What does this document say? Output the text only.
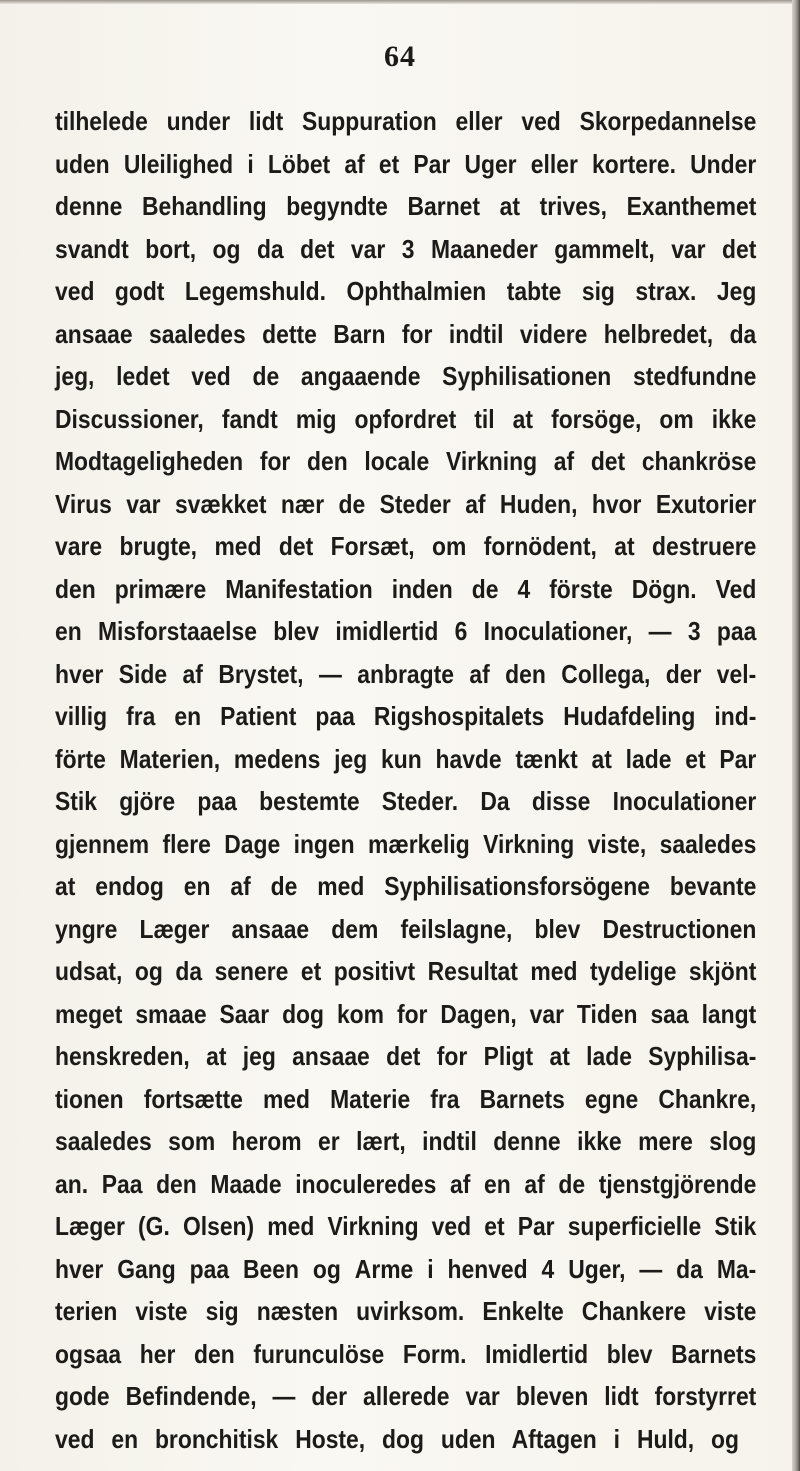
64
tilhelede under lidt Suppuration eller ved Skorpedannelse
uden Uleilighed i Löbet af et Par Uger eller kortere. Under
denne Behandling begyndte Barnet at trives, Exanthemet
svandt bort, og da det var 3 Maaneder gammelt, var det
ved godt Legemshuld. Ophthalmien tabte sig strax. Jeg
ansaae saaledes dette Barn for indtil videre helbredet, da
jeg, ledet ved de angaaende Syphilisationen stedfundne
Discussioner, fandt mig opfordret til at forsöge, om ikke
Modtageligheden for den locale Virkning af det chankröse
Virus var svækket nær de Steder af Huden, hvor Exutorier
vare brugte, med det Forsæt, om fornödent, at destruere
den primære Manifestation inden de 4 förste Dögn. Ved
en Misforstaaelse blev imidlertid 6 Inoculationer, — 3 paa
hver Side af Brystet, — anbragte af den Collega, der vel-
villig fra en Patient paa Rigshospitalets Hudafdeling ind-
förte Materien, medens jeg kun havde tænkt at lade et Par
Stik gjöre paa bestemte Steder. Da disse Inoculationer
gjennem flere Dage ingen mærkelig Virkning viste, saaledes
at endog en af de med Syphilisationsforsögene bevante
yngre Læger ansaae dem feilslagne, blev Destructionen
udsat, og da senere et positivt Resultat med tydelige skjönt
meget smaae Saar dog kom for Dagen, var Tiden saa langt
henskreden, at jeg ansaae det for Pligt at lade Syphilisa-
tionen fortsætte med Materie fra Barnets egne Chankre,
saaledes som herom er lært, indtil denne ikke mere slog
an. Paa den Maade inoculeredes af en af de tjenstgjörende
Læger (G. Olsen) med Virkning ved et Par superficielle Stik
hver Gang paa Been og Arme i henved 4 Uger, — da Ma-
terien viste sig næsten uvirksom. Enkelte Chankere viste
ogsaa her den furunculöse Form. Imidlertid blev Barnets
gode Befindende, — der allerede var bleven lidt forstyrret
ved en bronchitisk Hoste, dog uden Aftagen i Huld, og
